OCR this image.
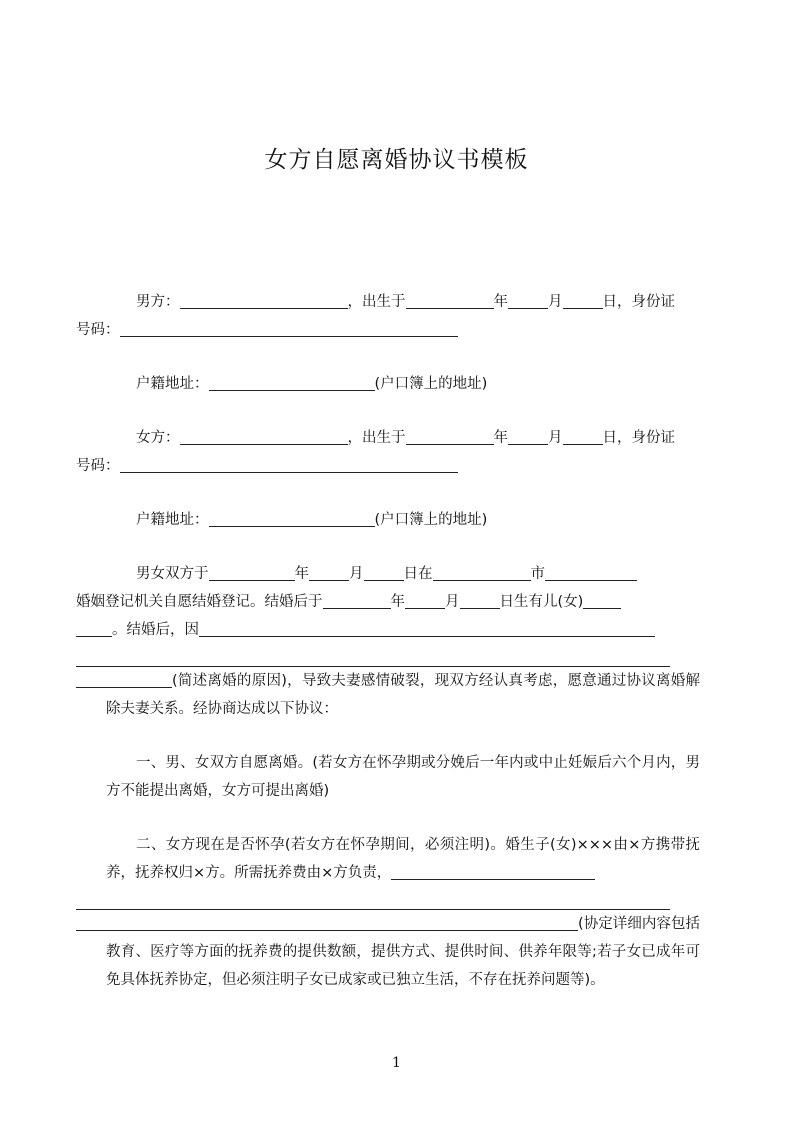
女方自愿离婚协议书模板

男方：	，出生于	年	月	日，身份证
号码：

户籍地址：	(户口簿上的地址)

女方：	，出生于	年	月	日，身份证
号码：

户籍地址：	(户口簿上的地址)

男女双方于	年	月	日在	市
婚姻登记机关自愿结婚登记。结婚后于	年	月	日生有儿(女)
。结婚后，因
(简述离婚的原因)，导致夫妻感情破裂，现双方经认真考虑，愿意通过协议离婚解除夫妻关系。经协商达成以下协议：

一、男、女双方自愿离婚。(若女方在怀孕期或分娩后一年内或中止妊娠后六个月内，男方不能提出离婚，女方可提出离婚)

二、女方现在是否怀孕(若女方在怀孕期间，必须注明)。婚生子(女)×××由×方携带抚养，抚养权归×方。所需抚养费由×方负责，
(协定详细内容包括教育、医疗等方面的抚养费的提供数额，提供方式、提供时间、供养年限等;若子女已成年可免具体抚养协定，但必须注明子女已成家或已独立生活，不存在抚养问题等)。

1
